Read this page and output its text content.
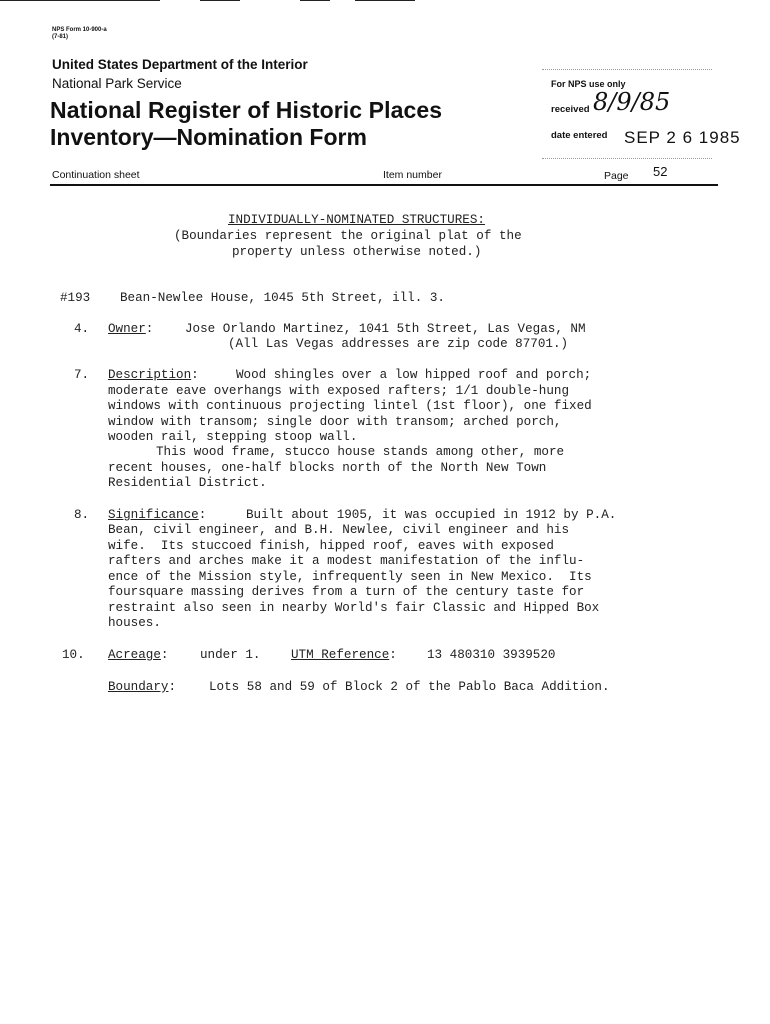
NPS Form 10-900-a
(7-81)
United States Department of the Interior
National Park Service
National Register of Historic Places
Inventory—Nomination Form
For NPS use only
received 8/9/85
date entered SEP 2 6 1985
Continuation sheet	Item number	Page 52
INDIVIDUALLY-NOMINATED STRUCTURES:
(Boundaries represent the original plat of the
property unless otherwise noted.)
#193 Bean-Newlee House, 1045 5th Street, ill. 3.
4. Owner:	Jose Orlando Martinez, 1041 5th Street, Las Vegas, NM
(All Las Vegas addresses are zip code 87701.)
7. Description:	Wood shingles over a low hipped roof and porch;
moderate eave overhangs with exposed rafters; 1/1 double-hung
windows with continuous projecting lintel (1st floor), one fixed
window with transom; single door with transom; arched porch,
wooden rail, stepping stoop wall.
This wood frame, stucco house stands among other, more
recent houses, one-half blocks north of the North New Town
Residential District.
8. Significance:	Built about 1905, it was occupied in 1912 by P.A.
Bean, civil engineer, and B.H. Newlee, civil engineer and his
wife.  Its stuccoed finish, hipped roof, eaves with exposed
rafters and arches make it a modest manifestation of the influ-
ence of the Mission style, infrequently seen in New Mexico.  Its
foursquare massing derives from a turn of the century taste for
restraint also seen in nearby World's fair Classic and Hipped Box
houses.
10. Acreage:	under 1. UTM Reference: 13 480310 3939520
Boundary:	Lots 58 and 59 of Block 2 of the Pablo Baca Addition.
